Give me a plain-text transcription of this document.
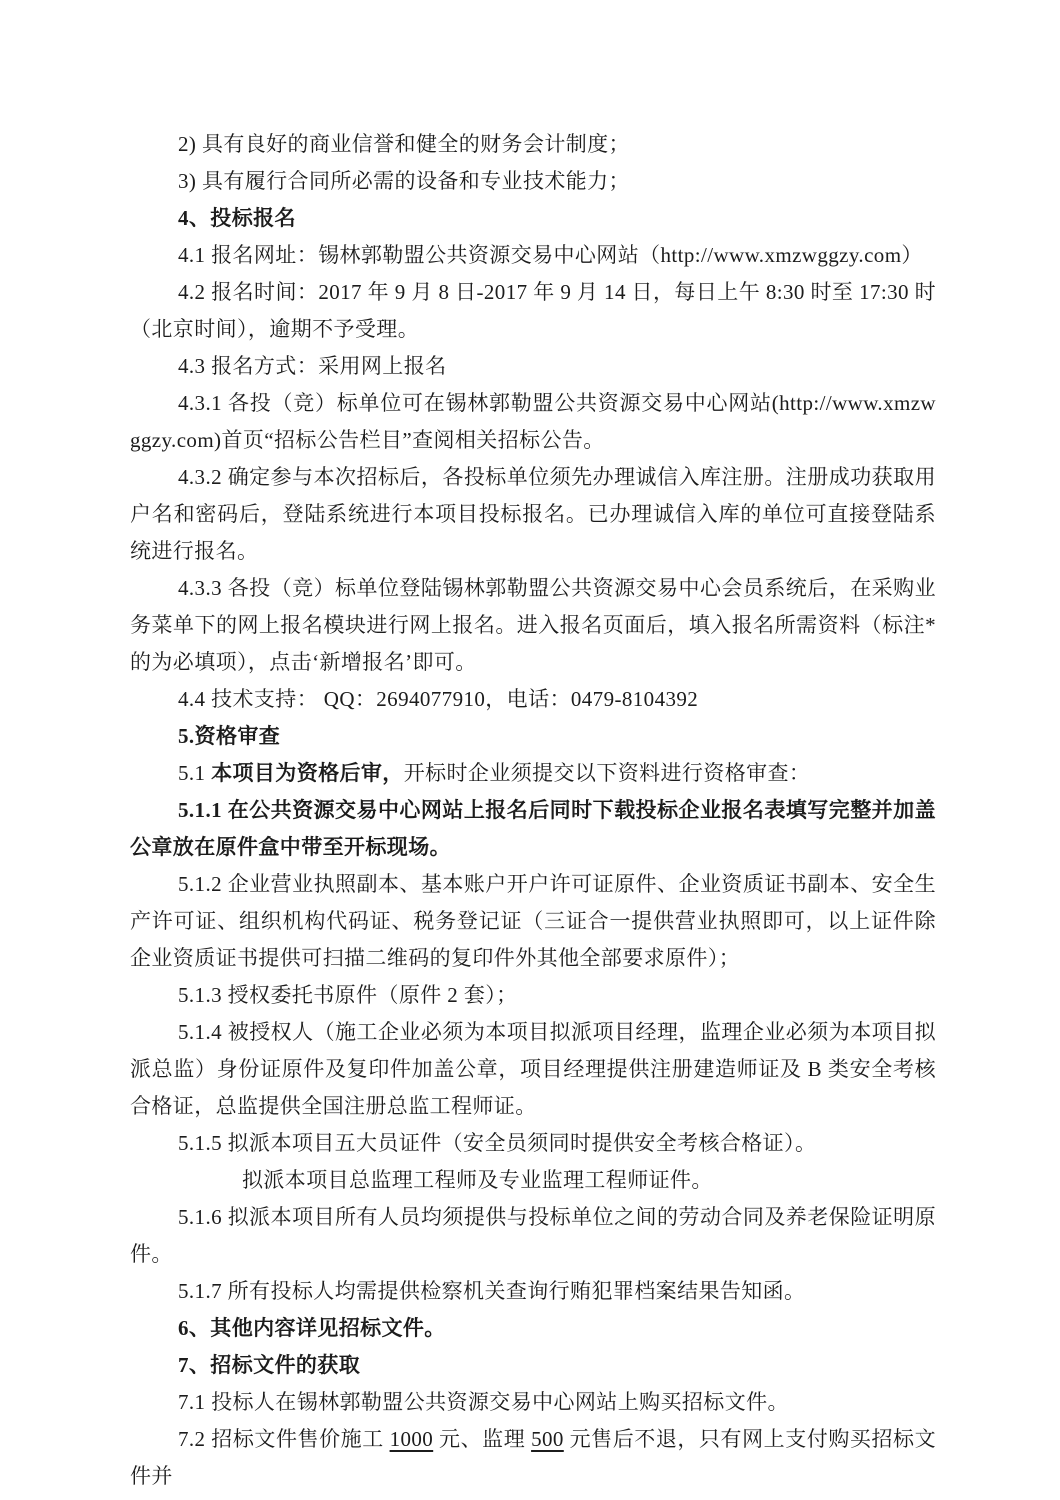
2) 具有良好的商业信誉和健全的财务会计制度；

3) 具有履行合同所必需的设备和专业技术能力；

4、投标报名

4.1 报名网址：锡林郭勒盟公共资源交易中心网站（http://www.xmzwggzy.com）

4.2 报名时间：2017 年 9 月 8 日-2017 年 9 月 14 日，每日上午 8:30 时至 17:30 时（北京时间），逾期不予受理。

4.3 报名方式：采用网上报名

4.3.1 各投（竞）标单位可在锡林郭勒盟公共资源交易中心网站(http://www.xmzwggzy.com)首页“招标公告栏目”查阅相关招标公告。

4.3.2 确定参与本次招标后，各投标单位须先办理诚信入库注册。注册成功获取用户名和密码后，登陆系统进行本项目投标报名。已办理诚信入库的单位可直接登陆系统进行报名。

4.3.3 各投（竞）标单位登陆锡林郭勒盟公共资源交易中心会员系统后，在采购业务菜单下的网上报名模块进行网上报名。进入报名页面后，填入报名所需资料（标注*的为必填项），点击‘新增报名’即可。

4.4 技术支持： QQ：2694077910，电话：0479-8104392

5.资格审查

5.1 本项目为资格后审，开标时企业须提交以下资料进行资格审查：

5.1.1 在公共资源交易中心网站上报名后同时下载投标企业报名表填写完整并加盖公章放在原件盒中带至开标现场。

5.1.2 企业营业执照副本、基本账户开户许可证原件、企业资质证书副本、安全生产许可证、组织机构代码证、税务登记证（三证合一提供营业执照即可，以上证件除企业资质证书提供可扫描二维码的复印件外其他全部要求原件）；

5.1.3 授权委托书原件（原件 2 套）；

5.1.4 被授权人（施工企业必须为本项目拟派项目经理，监理企业必须为本项目拟派总监）身份证原件及复印件加盖公章，项目经理提供注册建造师证及 B 类安全考核合格证，总监提供全国注册总监工程师证。

5.1.5 拟派本项目五大员证件（安全员须同时提供安全考核合格证）。

拟派本项目总监理工程师及专业监理工程师证件。

5.1.6 拟派本项目所有人员均须提供与投标单位之间的劳动合同及养老保险证明原件。

5.1.7 所有投标人均需提供检察机关查询行贿犯罪档案结果告知函。

6、其他内容详见招标文件。

7、招标文件的获取

7.1 投标人在锡林郭勒盟公共资源交易中心网站上购买招标文件。

7.2 招标文件售价施工 1000 元、监理 500 元售后不退，只有网上支付购买招标文件并
